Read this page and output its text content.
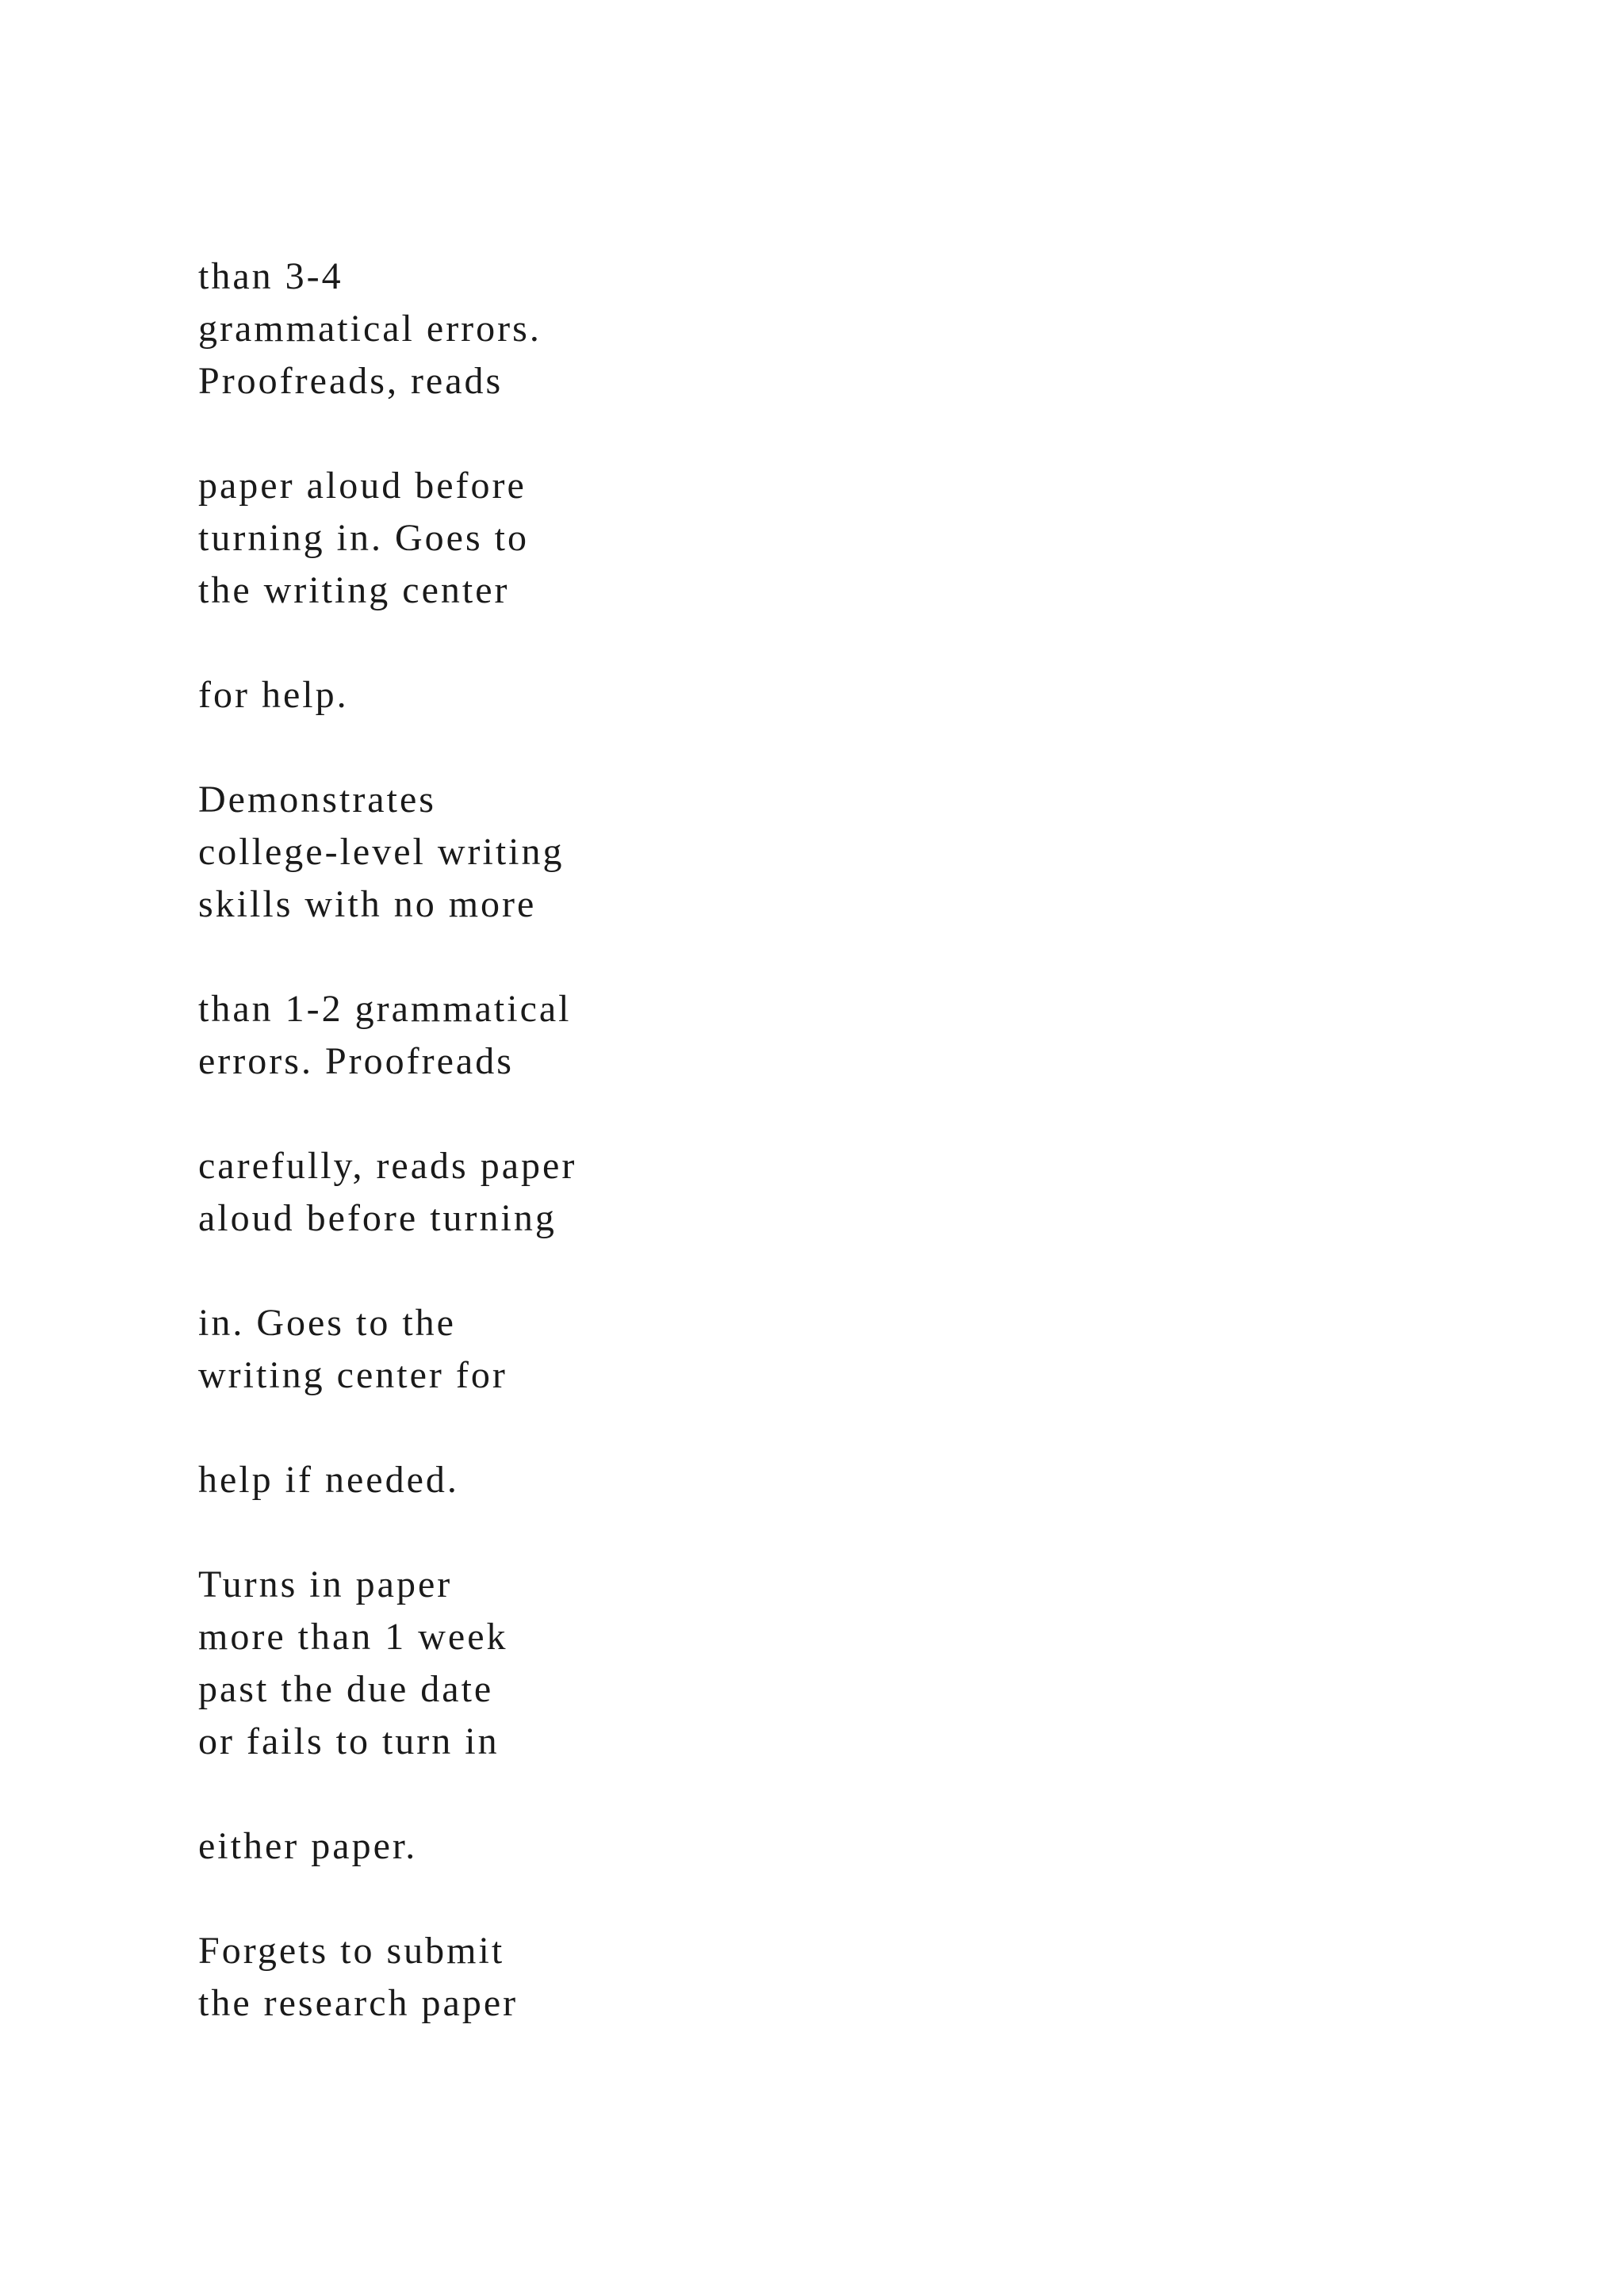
than 3-4
grammatical errors.
Proofreads, reads

paper aloud before
turning in. Goes to
the writing center

for help.

Demonstrates
college-level writing
skills with no more

than 1-2 grammatical
errors. Proofreads

carefully, reads paper
aloud before turning

in. Goes to the
writing center for

help if needed.

Turns in paper
more than 1 week
past the due date
or fails to turn in

either paper.

Forgets to submit
the research paper
